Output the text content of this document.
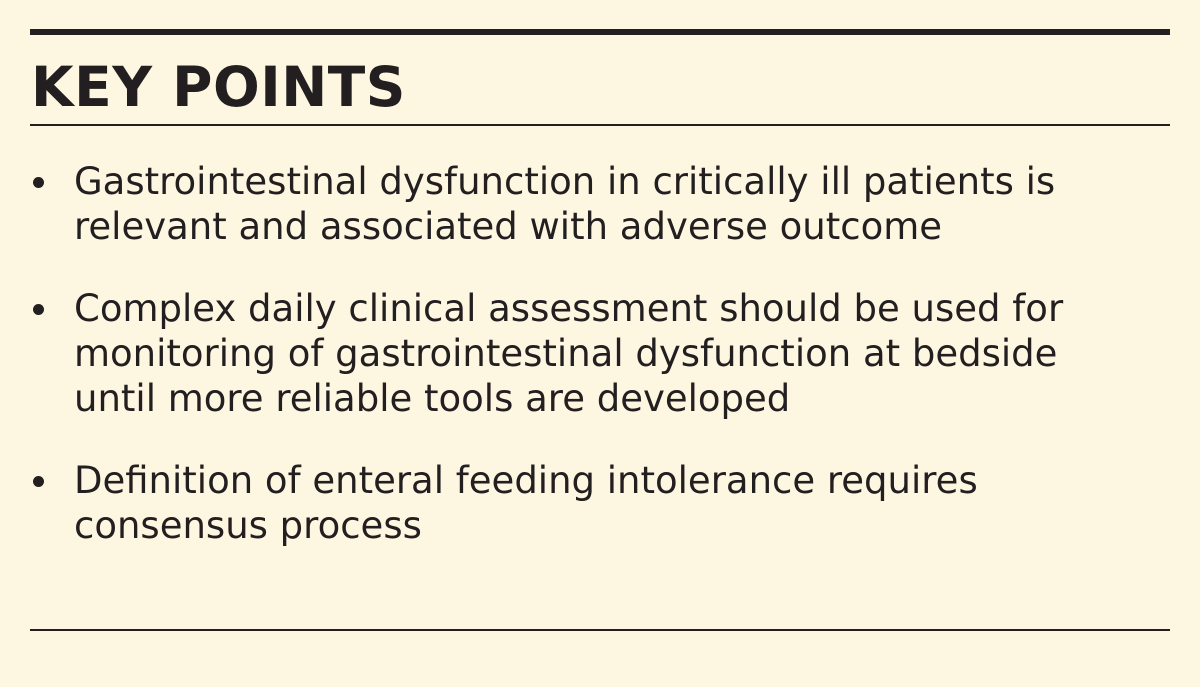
KEY POINTS
Gastrointestinal dysfunction in critically ill patients is relevant and associated with adverse outcome
Complex daily clinical assessment should be used for monitoring of gastrointestinal dysfunction at bedside until more reliable tools are developed
Definition of enteral feeding intolerance requires consensus process
